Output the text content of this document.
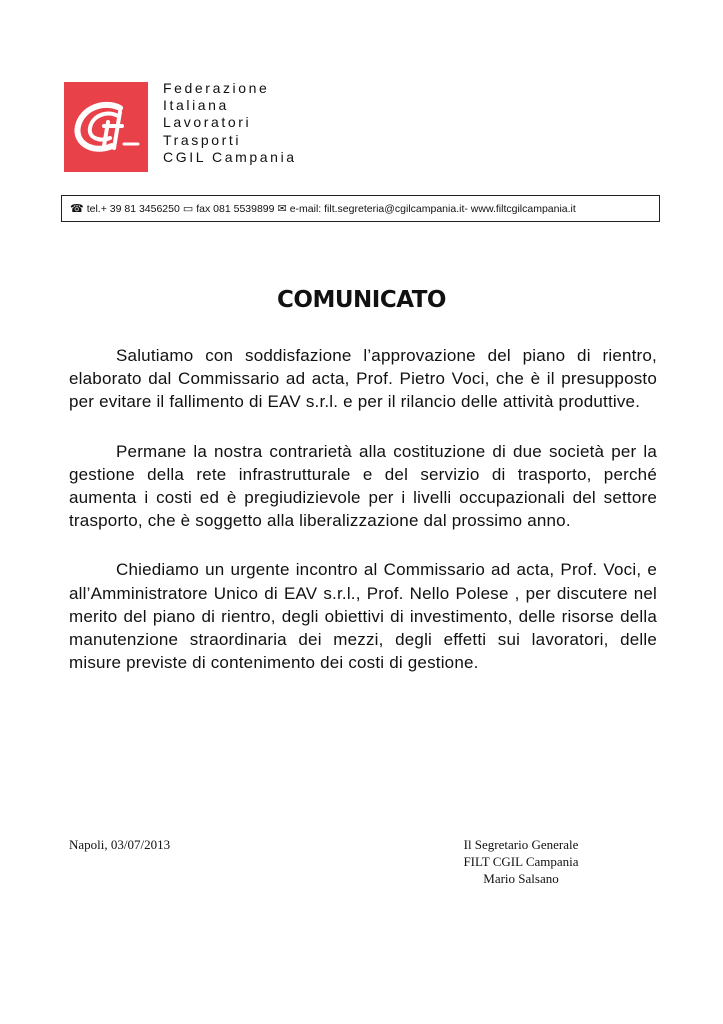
Federazione
Italiana
Lavoratori
Trasporti
CGIL Campania
☎ tel.+ 39 81 3456250 ▭ fax 081 5539899 ✉ e-mail: filt.segreteria@cgilcampania.it- www.filtcgilcampania.it
COMUNICATO

Salutiamo con soddisfazione l’approvazione del piano di rientro, elaborato dal Commissario ad acta, Prof. Pietro Voci, che è il presupposto per evitare il fallimento di EAV s.r.l. e per il rilancio delle attività produttive.

Permane la nostra contrarietà alla costituzione di due società per la gestione della rete infrastrutturale e del servizio di trasporto, perché aumenta i costi ed è pregiudizievole per i livelli occupazionali del settore trasporto, che è soggetto alla liberalizzazione dal prossimo anno.

Chiediamo un urgente incontro al Commissario ad acta, Prof. Voci, e all’Amministratore Unico di EAV s.r.l., Prof. Nello Polese , per discutere nel merito del piano di rientro, degli obiettivi di investimento, delle risorse della manutenzione straordinaria dei mezzi, degli effetti sui lavoratori, delle misure previste di contenimento dei costi di gestione.

Napoli, 03/07/2013	Il Segretario Generale
FILT CGIL Campania
Mario Salsano
